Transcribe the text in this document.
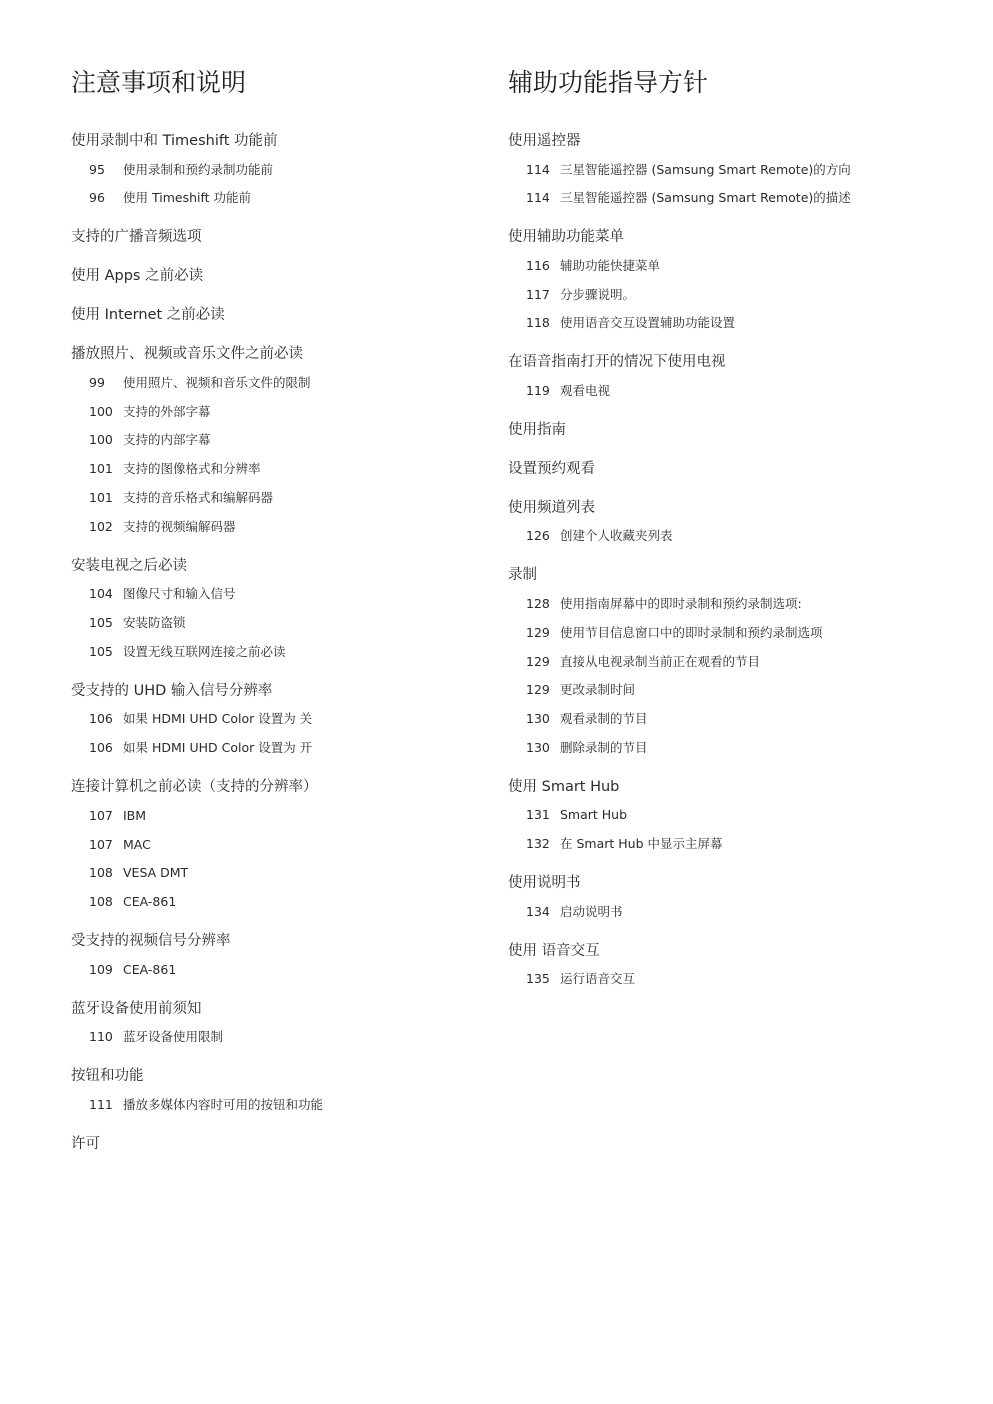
注意事项和说明
使用录制中和 Timeshift 功能前
95 使用录制和预约录制功能前
96 使用 Timeshift 功能前
支持的广播音频选项
使用 Apps 之前必读
使用 Internet 之前必读
播放照片、视频或音乐文件之前必读
99 使用照片、视频和音乐文件的限制
100 支持的外部字幕
100 支持的内部字幕
101 支持的图像格式和分辨率
101 支持的音乐格式和编解码器
102 支持的视频编解码器
安装电视之后必读
104 图像尺寸和输入信号
105 安装防盗锁
105 设置无线互联网连接之前必读
受支持的 UHD 输入信号分辨率
106 如果 HDMI UHD Color 设置为 关
106 如果 HDMI UHD Color 设置为 开
连接计算机之前必读（支持的分辨率）
107 IBM
107 MAC
108 VESA DMT
108 CEA-861
受支持的视频信号分辨率
109 CEA-861
蓝牙设备使用前须知
110 蓝牙设备使用限制
按钮和功能
111 播放多媒体内容时可用的按钮和功能
许可
辅助功能指导方针
使用遥控器
114 三星智能遥控器 (Samsung Smart Remote)的方向
114 三星智能遥控器 (Samsung Smart Remote)的描述
使用辅助功能菜单
116 辅助功能快捷菜单
117 分步骤说明。
118 使用语音交互设置辅助功能设置
在语音指南打开的情况下使用电视
119 观看电视
使用指南
设置预约观看
使用频道列表
126 创建个人收藏夹列表
录制
128 使用指南屏幕中的即时录制和预约录制选项:
129 使用节目信息窗口中的即时录制和预约录制选项
129 直接从电视录制当前正在观看的节目
129 更改录制时间
130 观看录制的节目
130 删除录制的节目
使用 Smart Hub
131 Smart Hub
132 在 Smart Hub 中显示主屏幕
使用说明书
134 启动说明书
使用 语音交互
135 运行语音交互
